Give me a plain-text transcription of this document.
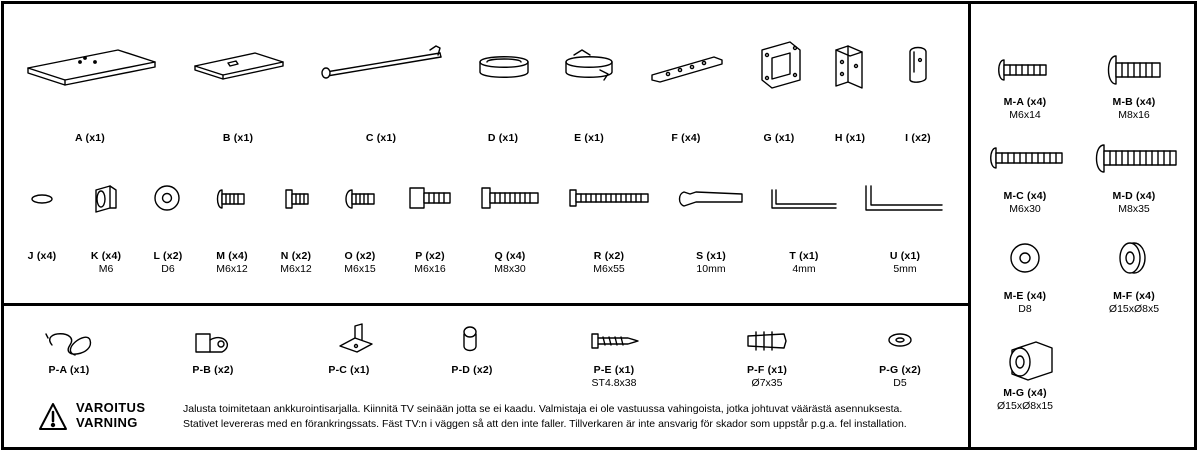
A (x1)	B (x1)	C (x1)	D (x1)	E (x1)	F (x4)	G (x1)	H (x1)	I (x2)
J (x4)	K (x4)
M6
L (x2)
D6
M (x4)
M6x12
N (x2)
M6x12
O (x2)
M6x15
P (x2)
M6x16
Q (x4)
M8x30
R (x2)
M6x55
S (x1)
10mm
T (x1)
4mm
U (x1)
5mm
P-A (x1)	P-B (x2)	P-C (x1)	P-D (x2)	P-E (x1)
ST4.8x38
P-F (x1)
Ø7x35
P-G (x2)
D5
M-A (x4)
M6x14
M-B (x4)
M8x16
M-C (x4)
M6x30
M-D (x4)
M8x35
M-E (x4)
D8
M-F (x4)
Ø15xØ8x5
M-G (x4)
Ø15xØ8x15
VAROITUS
VARNING
Jalusta toimitetaan ankkurointisarjalla. Kiinnitä TV seinään jotta se ei kaadu. Valmistaja ei ole vastuussa vahingoista, jotka johtuvat väärästä asennuksesta.
Stativet levereras med en förankringssats. Fäst TV:n i väggen så att den inte faller. Tillverkaren är inte ansvarig för skador som uppstår p.g.a. fel installation.
